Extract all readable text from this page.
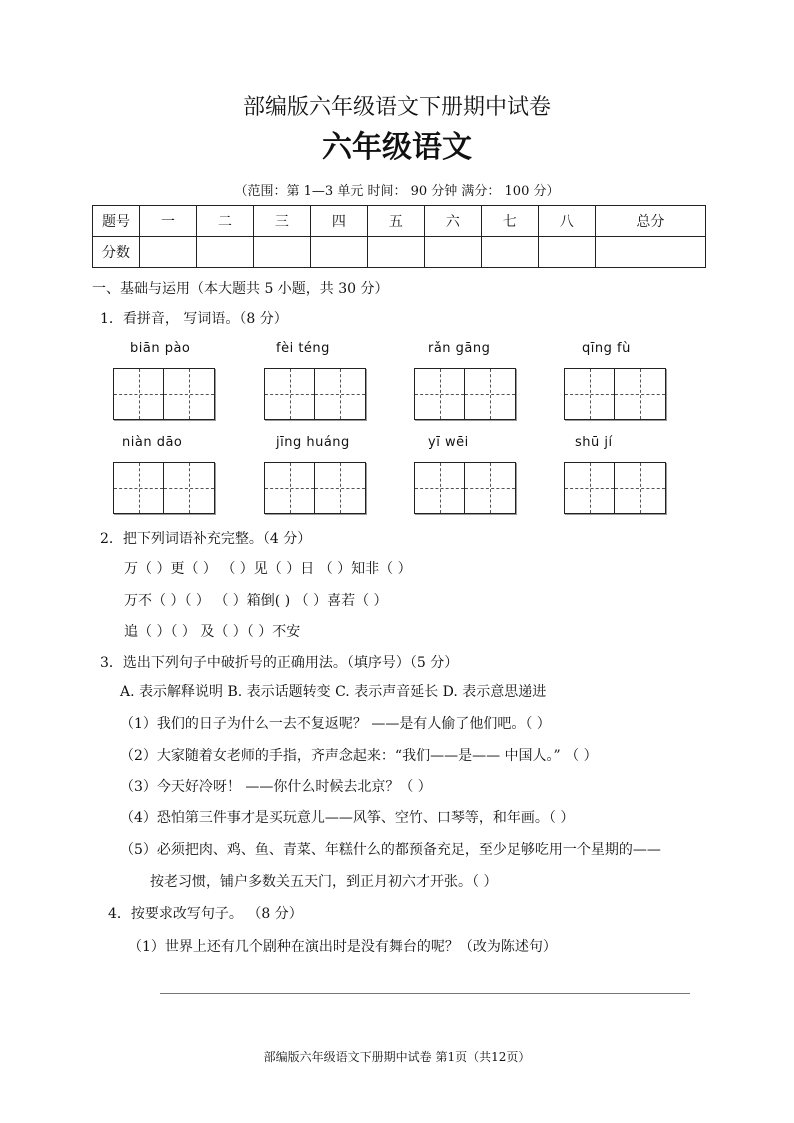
部编版六年级语文下册期中试卷
六年级语文
（范围：第 1—3 单元 时间： 90 分钟 满分： 100 分）
题号	一	二	三	四	五	六	七	八	总分
分数									
一、基础与运用（本大题共 5 小题，共 30 分）
1．看拼音， 写词语。（8 分）
biān pào	fèi téng	rǎn gāng	qīng fù
niàn dāo	jīng huáng	yī wēi	shū jí
2．把下列词语补充完整。（4 分）
万（ ）更（ ） （ ）见（ ）日 （ ）知非（ ）
万不（ ）（ ） （ ）箱倒( ) （ ）喜若（ ）
追（ ）（ ） 及（ ）（ ）不安
3．选出下列句子中破折号的正确用法。（填序号）（5 分）
A. 表示解释说明 B. 表示话题转变 C. 表示声音延长 D. 表示意思递进
（1）我们的日子为什么一去不复返呢？ ——是有人偷了他们吧。（ ）
（2）大家随着女老师的手指，齐声念起来：“我们——是—— 中国人。” （ ）
（3）今天好冷呀！ ——你什么时候去北京？（ ）
（4）恐怕第三件事才是买玩意儿——风筝、空竹、口琴等，和年画。（ ）
（5）必须把肉、鸡、鱼、青菜、年糕什么的都预备充足，至少足够吃用一个星期的——
按老习惯，铺户多数关五天门，到正月初六才开张。（ ）
4．按要求改写句子。 （8 分）
（1）世界上还有几个剧种在演出时是没有舞台的呢？（改为陈述句）
部编版六年级语文下册期中试卷 第1页（共12页）
